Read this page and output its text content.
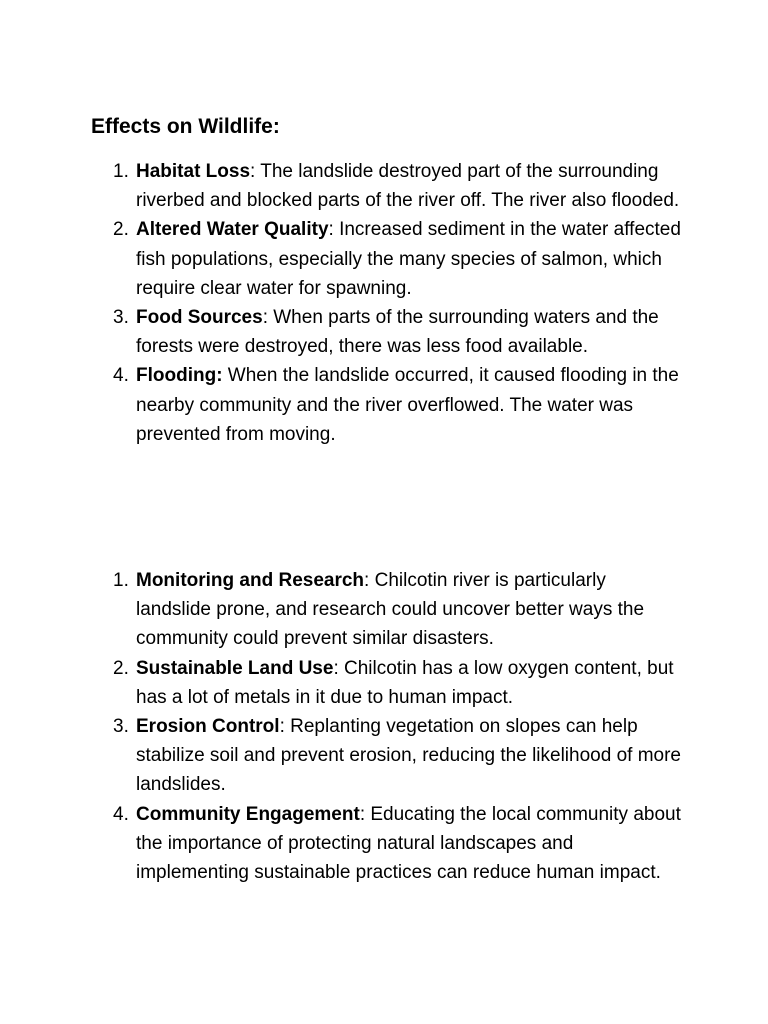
Effects on Wildlife:
1. Habitat Loss: The landslide destroyed part of the surrounding riverbed and blocked parts of the river off. The river also flooded.
2. Altered Water Quality: Increased sediment in the water affected fish populations, especially the many species of salmon, which require clear water for spawning.
3. Food Sources: When parts of the surrounding waters and the forests were destroyed, there was less food available.
4. Flooding: When the landslide occurred, it caused flooding in the nearby community and the river overflowed. The water was prevented from moving.
1. Monitoring and Research: Chilcotin river is particularly landslide prone, and research could uncover better ways the community could prevent similar disasters.
2. Sustainable Land Use: Chilcotin has a low oxygen content, but has a lot of metals in it due to human impact.
3. Erosion Control: Replanting vegetation on slopes can help stabilize soil and prevent erosion, reducing the likelihood of more landslides.
4. Community Engagement: Educating the local community about the importance of protecting natural landscapes and implementing sustainable practices can reduce human impact.
